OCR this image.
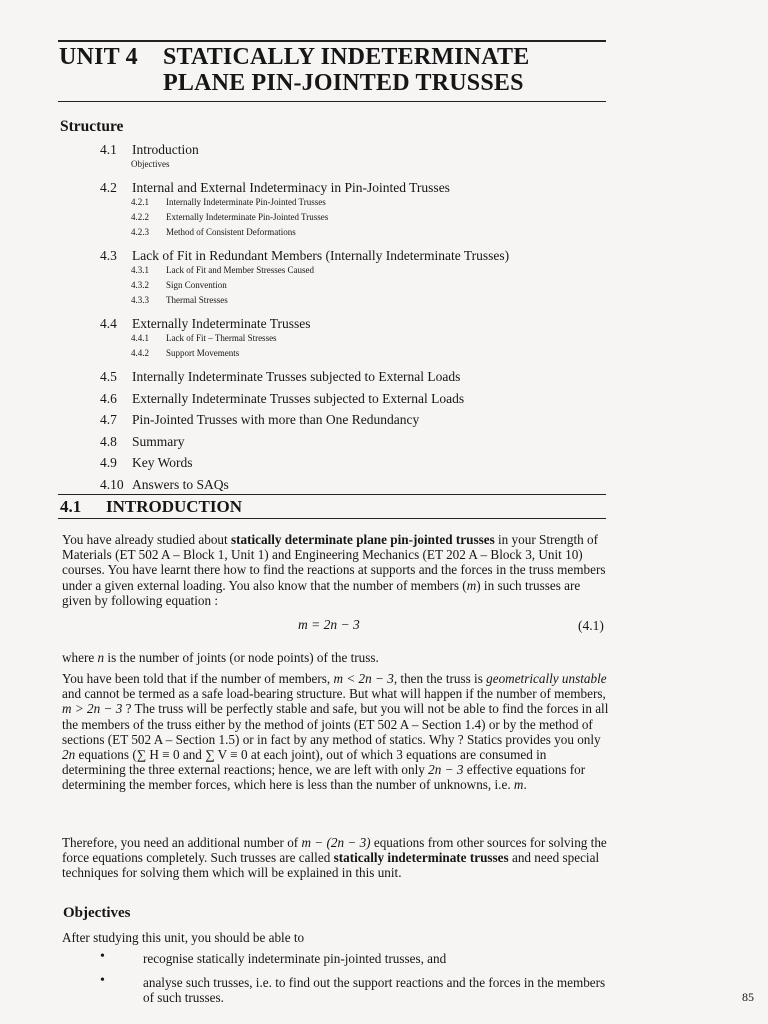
UNIT 4	STATICALLY INDETERMINATE
PLANE PIN-JOINTED TRUSSES
Structure
4.1 Introduction
Objectives
4.2 Internal and External Indeterminacy in Pin-Jointed Trusses
4.2.1 Internally Indeterminate Pin-Jointed Trusses
4.2.2 Externally Indeterminate Pin-Jointed Trusses
4.2.3 Method of Consistent Deformations
4.3 Lack of Fit in Redundant Members (Internally Indeterminate Trusses)
4.3.1 Lack of Fit and Member Stresses Caused
4.3.2 Sign Convention
4.3.3 Thermal Stresses
4.4 Externally Indeterminate Trusses
4.4.1 Lack of Fit – Thermal Stresses
4.4.2 Support Movements
4.5 Internally Indeterminate Trusses subjected to External Loads
4.6 Externally Indeterminate Trusses subjected to External Loads
4.7 Pin-Jointed Trusses with more than One Redundancy
4.8 Summary
4.9 Key Words
4.10 Answers to SAQs
4.1	INTRODUCTION
You have already studied about statically determinate plane pin-jointed trusses in your Strength of Materials (ET 502 A – Block 1, Unit 1) and Engineering Mechanics (ET 202 A – Block 3, Unit 10) courses. You have learnt there how to find the reactions at supports and the forces in the truss members under a given external loading. You also know that the number of members (m) in such trusses are given by following equation :
m = 2n − 3	(4.1)
where n is the number of joints (or node points) of the truss.
You have been told that if the number of members, m < 2n − 3, then the truss is geometrically unstable and cannot be termed as a safe load-bearing structure. But what will happen if the number of members, m > 2n − 3 ? The truss will be perfectly stable and safe, but you will not be able to find the forces in all the members of the truss either by the method of joints (ET 502 A – Section 1.4) or by the method of sections (ET 502 A – Section 1.5) or in fact by any method of statics. Why ? Statics provides you only 2n equations (∑ H ≡ 0 and ∑ V ≡ 0 at each joint), out of which 3 equations are consumed in determining the three external reactions; hence, we are left with only 2n − 3 effective equations for determining the member forces, which here is less than the number of unknowns, i.e. m.
Therefore, you need an additional number of m − (2n − 3) equations from other sources for solving the force equations completely. Such trusses are called statically indeterminate trusses and need special techniques for solving them which will be explained in this unit.
Objectives
After studying this unit, you should be able to
•	recognise statically indeterminate pin-jointed trusses, and
•	analyse such trusses, i.e. to find out the support reactions and the forces in the members of such trusses.	85
